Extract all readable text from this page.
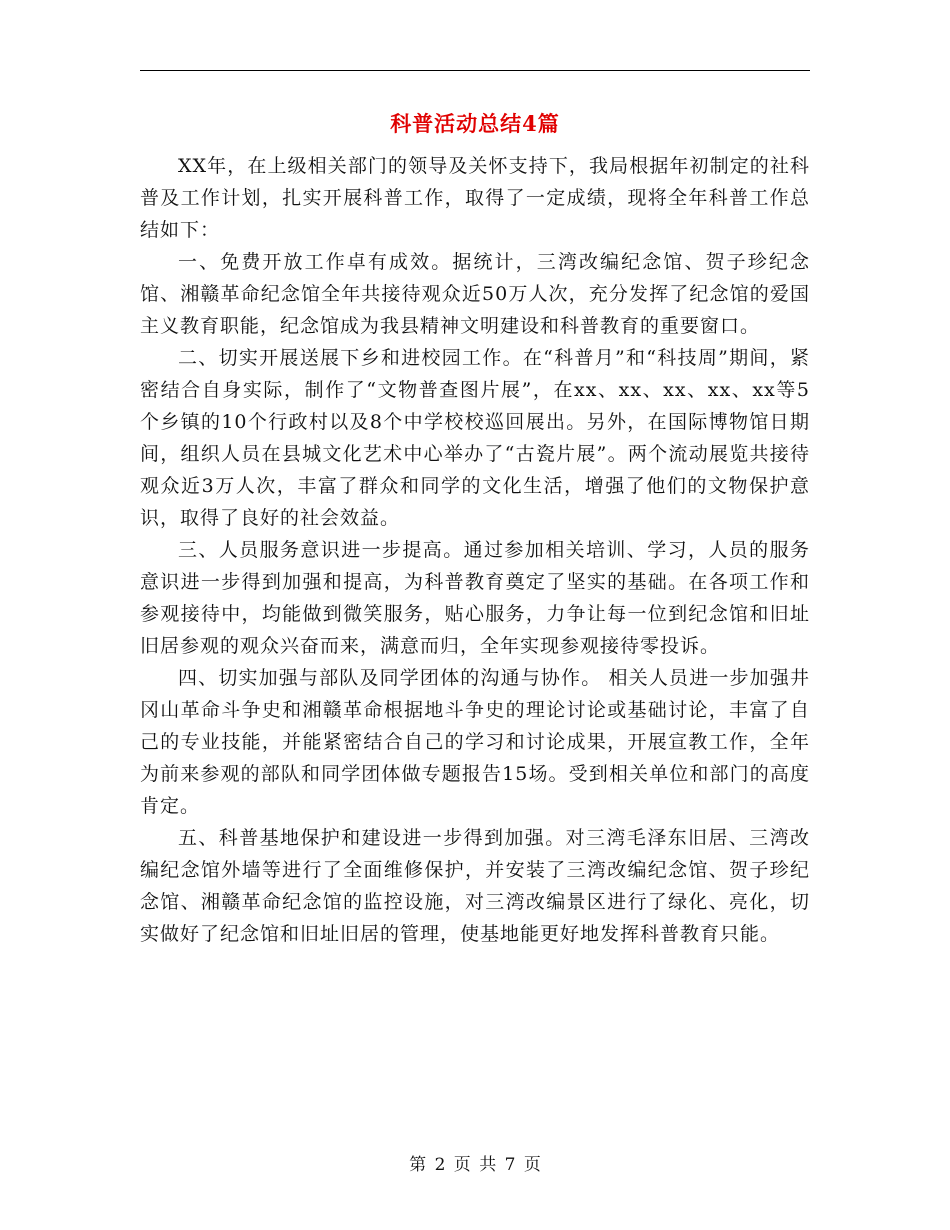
科普活动总结4篇

XX年，在上级相关部门的领导及关怀支持下，我局根据年初制定的社科普及工作计划，扎实开展科普工作，取得了一定成绩，现将全年科普工作总结如下：

一、免费开放工作卓有成效。据统计，三湾改编纪念馆、贺子珍纪念馆、湘赣革命纪念馆全年共接待观众近50万人次，充分发挥了纪念馆的爱国主义教育职能，纪念馆成为我县精神文明建设和科普教育的重要窗口。

二、切实开展送展下乡和进校园工作。在“科普月”和“科技周”期间，紧密结合自身实际，制作了“文物普查图片展”，在xx、xx、xx、xx、xx等5个乡镇的10个行政村以及8个中学校校巡回展出。另外，在国际博物馆日期间，组织人员在县城文化艺术中心举办了“古瓷片展”。两个流动展览共接待观众近3万人次，丰富了群众和同学的文化生活，增强了他们的文物保护意识，取得了良好的社会效益。

三、人员服务意识进一步提高。通过参加相关培训、学习，人员的服务意识进一步得到加强和提高，为科普教育奠定了坚实的基础。在各项工作和参观接待中，均能做到微笑服务，贴心服务，力争让每一位到纪念馆和旧址旧居参观的观众兴奋而来，满意而归，全年实现参观接待零投诉。

四、切实加强与部队及同学团体的沟通与协作。 相关人员进一步加强井冈山革命斗争史和湘赣革命根据地斗争史的理论讨论或基础讨论，丰富了自己的专业技能，并能紧密结合自己的学习和讨论成果，开展宣教工作，全年为前来参观的部队和同学团体做专题报告15场。受到相关单位和部门的高度肯定。

五、科普基地保护和建设进一步得到加强。对三湾毛泽东旧居、三湾改编纪念馆外墙等进行了全面维修保护，并安装了三湾改编纪念馆、贺子珍纪念馆、湘赣革命纪念馆的监控设施，对三湾改编景区进行了绿化、亮化，切实做好了纪念馆和旧址旧居的管理，使基地能更好地发挥科普教育只能。

第 2 页 共 7 页
